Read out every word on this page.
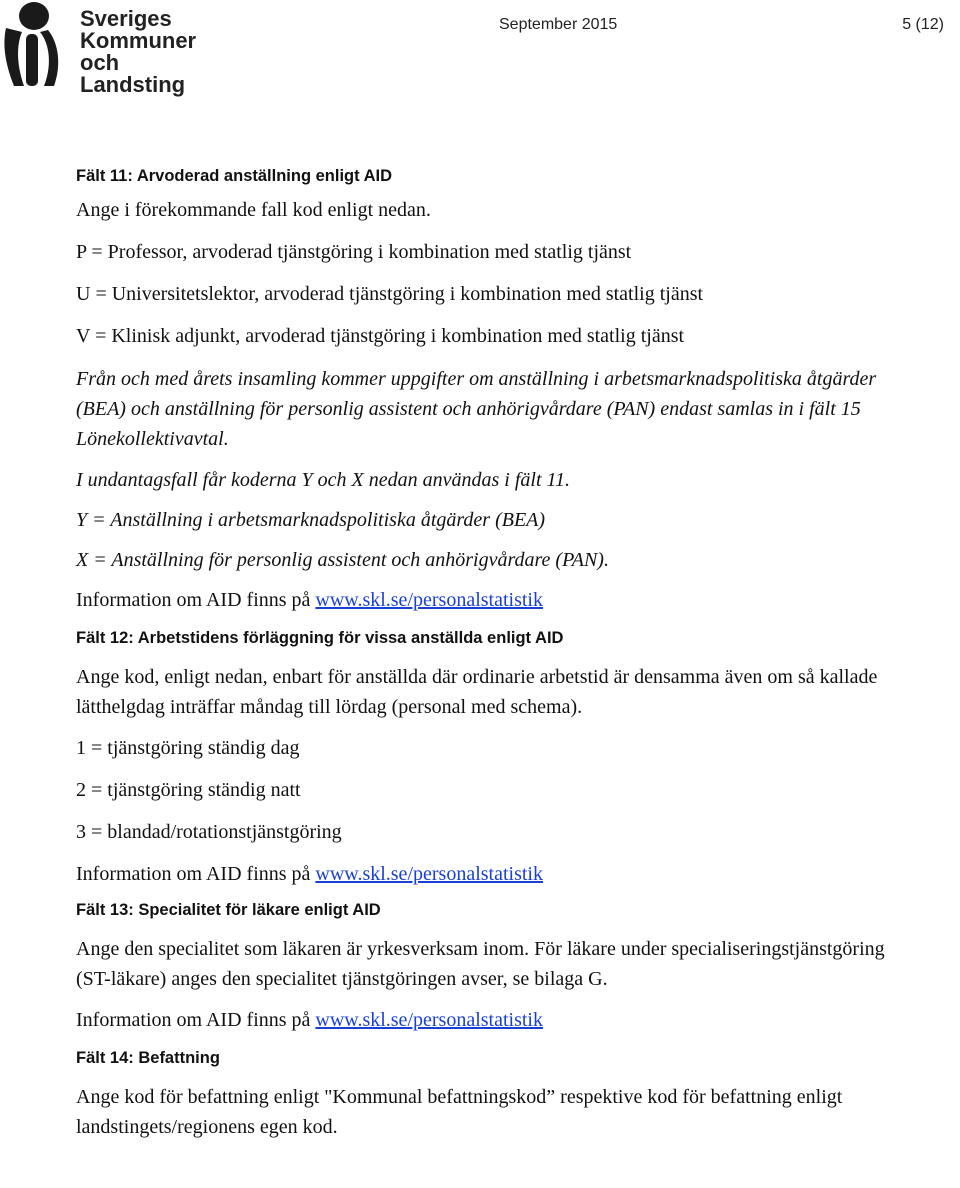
Sveriges
Kommuner
och Landsting
September 2015	5 (12)

Fält 11: Arvoderad anställning enligt AID

Ange i förekommande fall kod enligt nedan.

P = Professor, arvoderad tjänstgöring i kombination med statlig tjänst

U = Universitetslektor, arvoderad tjänstgöring i kombination med statlig tjänst

V = Klinisk adjunkt, arvoderad tjänstgöring i kombination med statlig tjänst

Från och med årets insamling kommer uppgifter om anställning i arbetsmarknadspolitiska åtgärder (BEA) och anställning för personlig assistent och anhörigvårdare (PAN) endast samlas in i fält 15 Lönekollektivavtal.

I undantagsfall får koderna Y och X nedan användas i fält 11.

Y = Anställning i arbetsmarknadspolitiska åtgärder (BEA)

X = Anställning för personlig assistent och anhörigvårdare (PAN).

Information om AID finns på www.skl.se/personalstatistik

Fält 12: Arbetstidens förläggning för vissa anställda enligt AID

Ange kod, enligt nedan, enbart för anställda där ordinarie arbetstid är densamma även om så kallade lätthelgdag inträffar måndag till lördag (personal med schema).

1 = tjänstgöring ständig dag

2 = tjänstgöring ständig natt

3 = blandad/rotationstjänstgöring

Information om AID finns på www.skl.se/personalstatistik

Fält 13: Specialitet för läkare enligt AID

Ange den specialitet som läkaren är yrkesverksam inom. För läkare under specialiseringstjänstgöring (ST-läkare) anges den specialitet tjänstgöringen avser, se bilaga G.

Information om AID finns på www.skl.se/personalstatistik

Fält 14: Befattning

Ange kod för befattning enligt "Kommunal befattningskod” respektive kod för befattning enligt landstingets/regionens egen kod.
